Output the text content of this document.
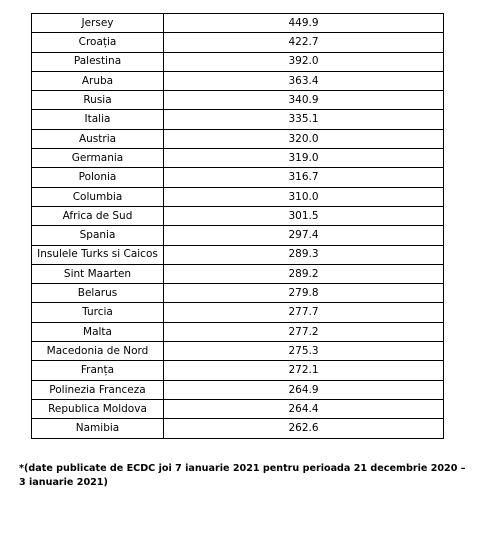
Jersey	449.9
Croația	422.7
Palestina	392.0
Aruba	363.4
Rusia	340.9
Italia	335.1
Austria	320.0
Germania	319.0
Polonia	316.7
Columbia	310.0
Africa de Sud	301.5
Spania	297.4
Insulele Turks si Caicos	289.3
Sint Maarten	289.2
Belarus	279.8
Turcia	277.7
Malta	277.2
Macedonia de Nord	275.3
Franța	272.1
Polinezia Franceza	264.9
Republica Moldova	264.4
Namibia	262.6
*(date publicate de ECDC joi 7 ianuarie 2021 pentru perioada 21 decembrie 2020 – 3 ianuarie 2021)
